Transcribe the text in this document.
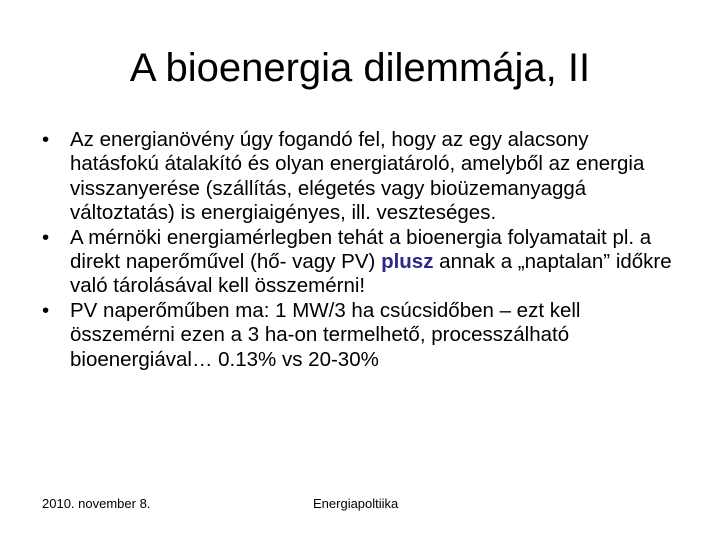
A bioenergia dilemmája, II
•	Az energianövény úgy fogandó fel, hogy az egy alacsony hatásfokú átalakító és olyan energiatároló, amelyből az energia visszanyerése (szállítás, elégetés vagy bioüzemanyaggá változtatás) is energiaigényes, ill. veszteséges.
•	A mérnöki energiamérlegben tehát a bioenergia folyamatait pl. a direkt naperőművel (hő- vagy PV) plusz annak a „naptalan” időkre való tárolásával kell összemérni!
•	PV naperőműben ma: 1 MW/3 ha csúcsidőben – ezt kell összemérni ezen a 3 ha-on termelhető, processzálható bioenergiával… 0.13% vs 20-30%
2010. november 8.	Energiapoltiika
